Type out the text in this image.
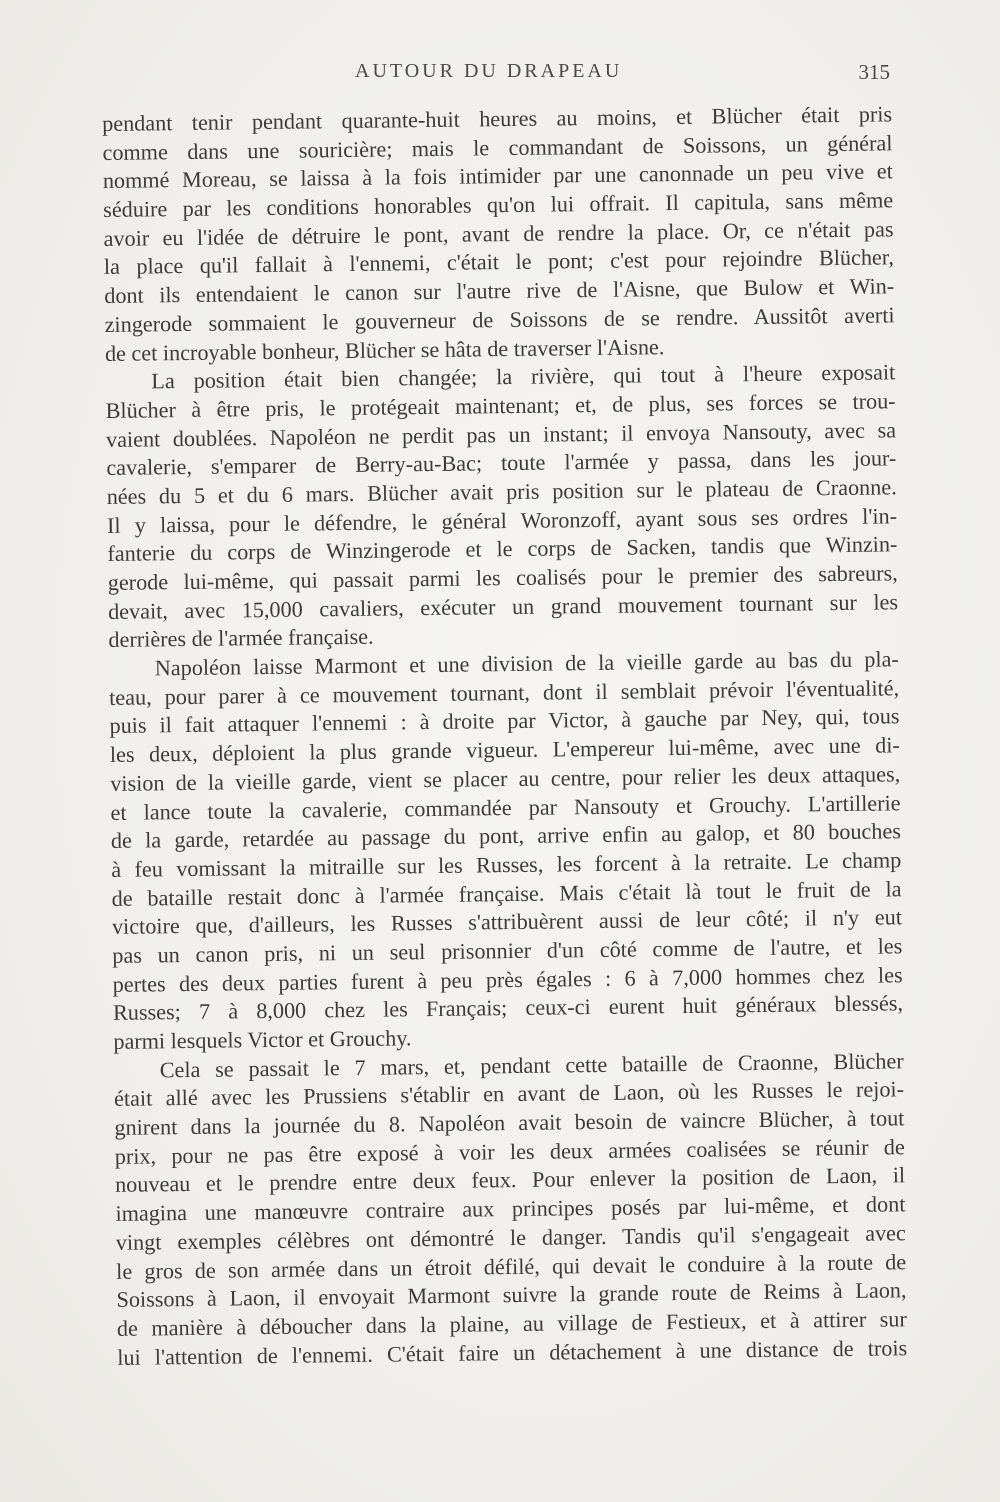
AUTOUR DU DRAPEAU	315
pendant tenir pendant quarante-huit heures au moins, et Blücher était pris
comme dans une souricière; mais le commandant de Soissons, un général
nommé Moreau, se laissa à la fois intimider par une canonnade un peu vive et
séduire par les conditions honorables qu'on lui offrait. Il capitula, sans même
avoir eu l'idée de détruire le pont, avant de rendre la place. Or, ce n'était pas
la place qu'il fallait à l'ennemi, c'était le pont; c'est pour rejoindre Blücher,
dont ils entendaient le canon sur l'autre rive de l'Aisne, que Bulow et Win-
zingerode sommaient le gouverneur de Soissons de se rendre. Aussitôt averti
de cet incroyable bonheur, Blücher se hâta de traverser l'Aisne.
La position était bien changée; la rivière, qui tout à l'heure exposait
Blücher à être pris, le protégeait maintenant; et, de plus, ses forces se trou-
vaient doublées. Napoléon ne perdit pas un instant; il envoya Nansouty, avec sa
cavalerie, s'emparer de Berry-au-Bac; toute l'armée y passa, dans les jour-
nées du 5 et du 6 mars. Blücher avait pris position sur le plateau de Craonne.
Il y laissa, pour le défendre, le général Woronzoff, ayant sous ses ordres l'in-
fanterie du corps de Winzingerode et le corps de Sacken, tandis que Winzin-
gerode lui-même, qui passait parmi les coalisés pour le premier des sabreurs,
devait, avec 15,000 cavaliers, exécuter un grand mouvement tournant sur les
derrières de l'armée française.
Napoléon laisse Marmont et une division de la vieille garde au bas du pla-
teau, pour parer à ce mouvement tournant, dont il semblait prévoir l'éventualité,
puis il fait attaquer l'ennemi : à droite par Victor, à gauche par Ney, qui, tous
les deux, déploient la plus grande vigueur. L'empereur lui-même, avec une di-
vision de la vieille garde, vient se placer au centre, pour relier les deux attaques,
et lance toute la cavalerie, commandée par Nansouty et Grouchy. L'artillerie
de la garde, retardée au passage du pont, arrive enfin au galop, et 80 bouches
à feu vomissant la mitraille sur les Russes, les forcent à la retraite. Le champ
de bataille restait donc à l'armée française. Mais c'était là tout le fruit de la
victoire que, d'ailleurs, les Russes s'attribuèrent aussi de leur côté; il n'y eut
pas un canon pris, ni un seul prisonnier d'un côté comme de l'autre, et les
pertes des deux parties furent à peu près égales : 6 à 7,000 hommes chez les
Russes; 7 à 8,000 chez les Français; ceux-ci eurent huit généraux blessés,
parmi lesquels Victor et Grouchy.
Cela se passait le 7 mars, et, pendant cette bataille de Craonne, Blücher
était allé avec les Prussiens s'établir en avant de Laon, où les Russes le rejoi-
gnirent dans la journée du 8. Napoléon avait besoin de vaincre Blücher, à tout
prix, pour ne pas être exposé à voir les deux armées coalisées se réunir de
nouveau et le prendre entre deux feux. Pour enlever la position de Laon, il
imagina une manœuvre contraire aux principes posés par lui-même, et dont
vingt exemples célèbres ont démontré le danger. Tandis qu'il s'engageait avec
le gros de son armée dans un étroit défilé, qui devait le conduire à la route de
Soissons à Laon, il envoyait Marmont suivre la grande route de Reims à Laon,
de manière à déboucher dans la plaine, au village de Festieux, et à attirer sur
lui l'attention de l'ennemi. C'était faire un détachement à une distance de trois
